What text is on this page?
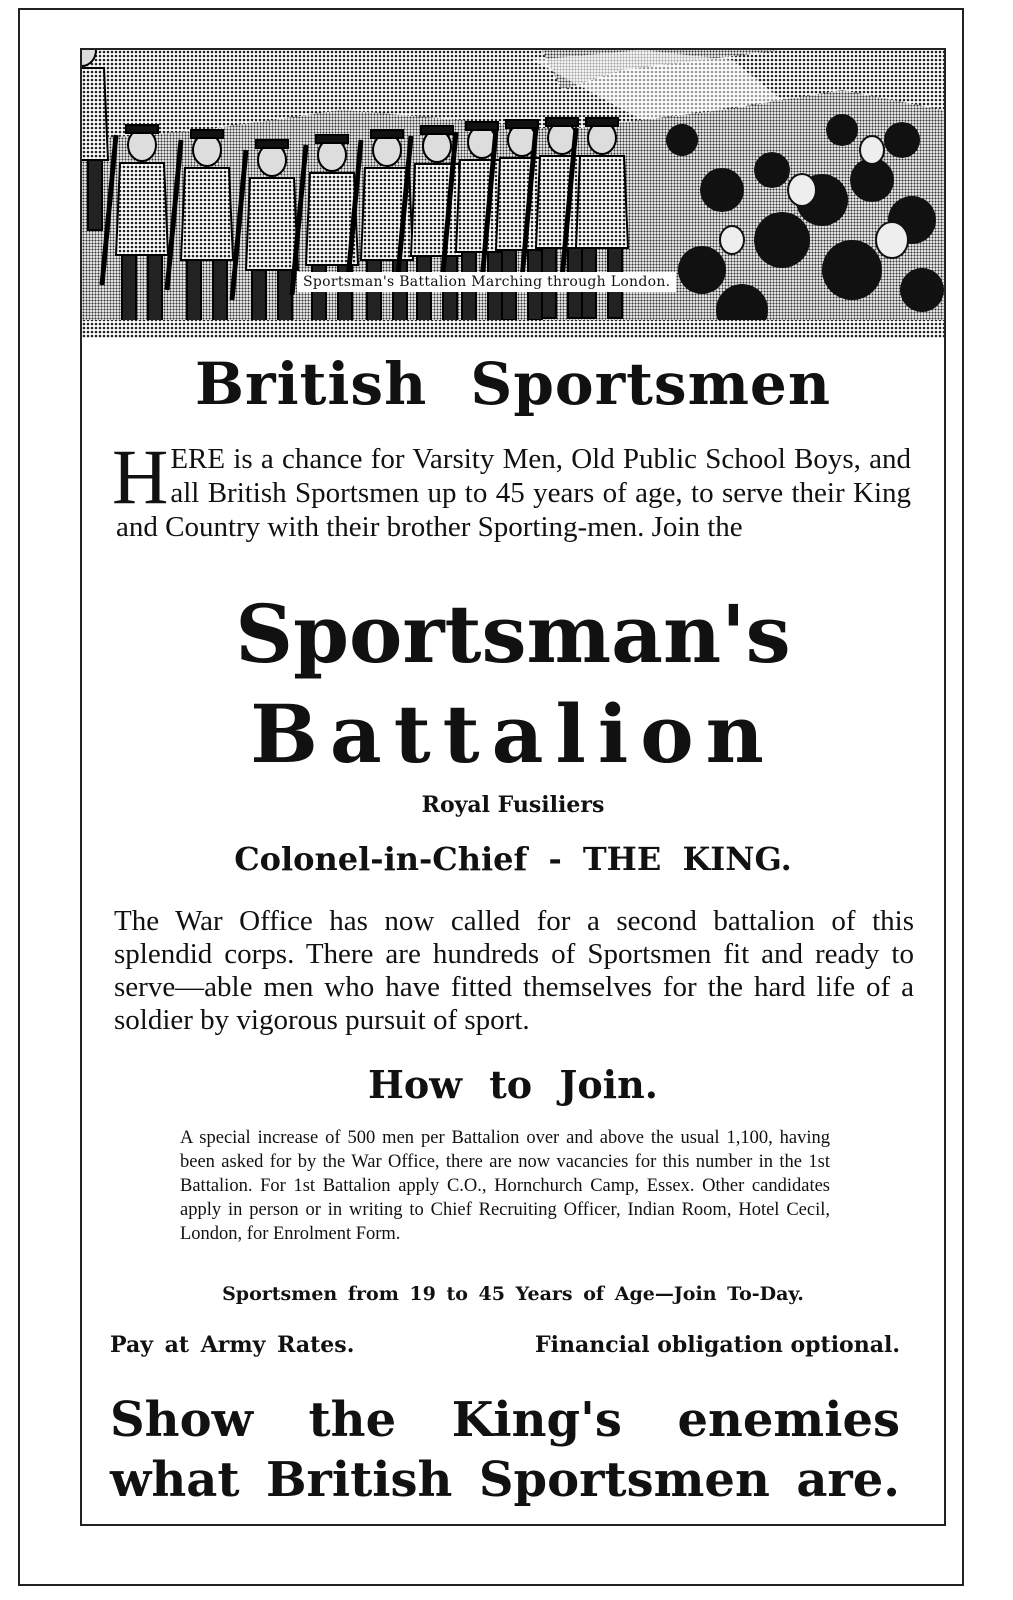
Sportsman's Battalion Marching through London.
British Sportsmen
H ERE is a chance for Varsity Men, Old Public School Boys, and all British Sportsmen up to 45 years of age, to serve their King and Country with their brother Sporting-men. Join the

Sportsman's
Battalion
Royal Fusiliers
Colonel-in-Chief - THE KING.

The War Office has now called for a second battalion of this splendid corps. There are hundreds of Sportsmen fit and ready to serve—able men who have fitted themselves for the hard life of a soldier by vigorous pursuit of sport.

How to Join.

A special increase of 500 men per Battalion over and above the usual 1,100, having been asked for by the War Office, there are now vacancies for this number in the 1st Battalion. For 1st Battalion apply C.O., Hornchurch Camp, Essex. Other candidates apply in person or in writing to Chief Recruiting Officer, Indian Room, Hotel Cecil, London, for Enrolment Form.

Sportsmen from 19 to 45 Years of Age—Join To-Day.
Pay at Army Rates.	Financial obligation optional.
Show the King's enemies
what British Sportsmen are.
